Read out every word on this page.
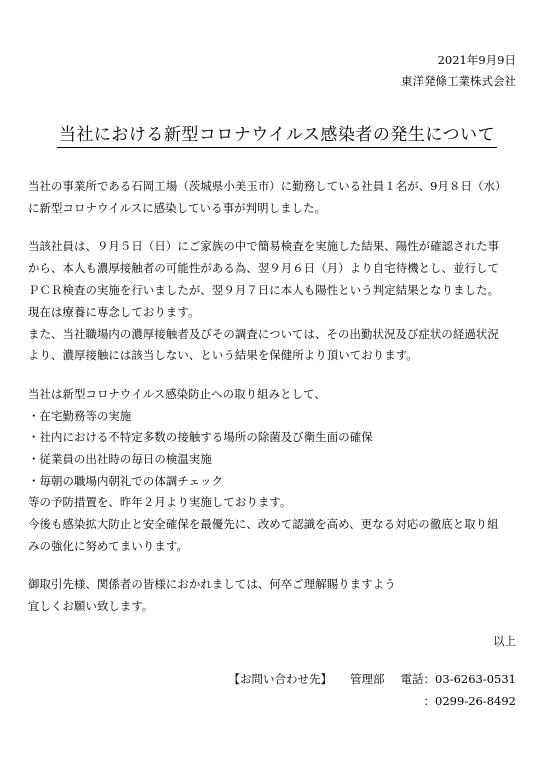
2021年9月9日
東洋発條工業株式会社
当社における新型コロナウイルス感染者の発生について
当社の事業所である石岡工場（茨城県小美玉市）に勤務している社員１名が、9月８日（水）
に新型コロナウイルスに感染している事が判明しました。
当該社員は、９月５日（日）にご家族の中で簡易検査を実施した結果、陽性が確認された事
から、本人も濃厚接触者の可能性がある為、翌９月６日（月）より自宅待機とし、並行して
ＰＣＲ検査の実施を行いましたが、翌９月７日に本人も陽性という判定結果となりました。
現在は療養に専念しております。
また、当社職場内の濃厚接触者及びその調査については、その出勤状況及び症状の経過状況
より、濃厚接触には該当しない、という結果を保健所より頂いております。
当社は新型コロナウイルス感染防止への取り組みとして、
・在宅勤務等の実施
・社内における不特定多数の接触する場所の除菌及び衛生面の確保
・従業員の出社時の毎日の検温実施
・毎朝の職場内朝礼での体調チェック
等の予防措置を、昨年２月より実施しております。
今後も感染拡大防止と安全確保を最優先に、改めて認識を高め、更なる対応の徹底と取り組
みの強化に努めてまいります。
御取引先様、関係者の皆様におかれましては、何卒ご理解賜りますよう
宜しくお願い致します。
以上
【お問い合わせ先】 管理部 電話：03-6263-0531
：0299-26-8492
